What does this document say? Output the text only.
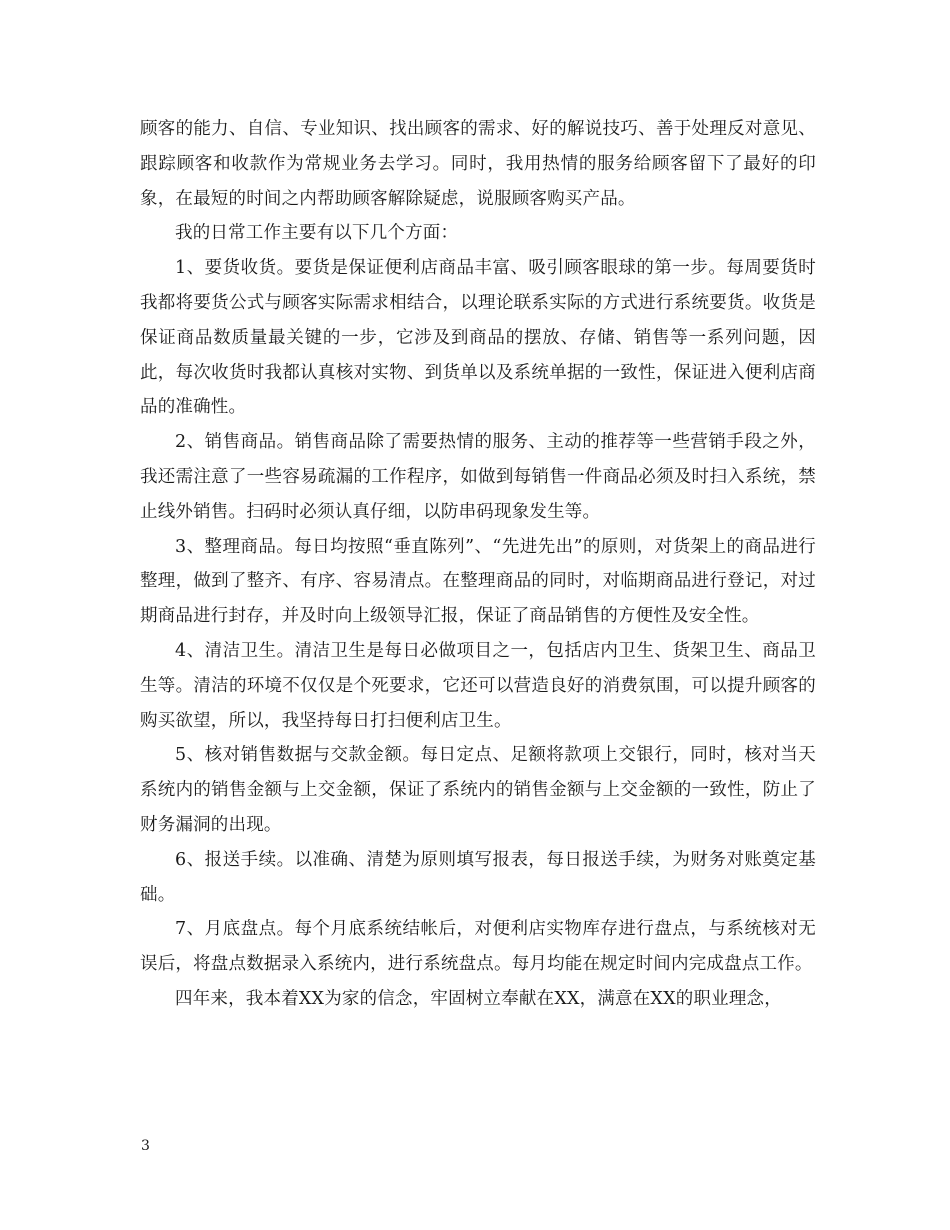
顾客的能力、自信、专业知识、找出顾客的需求、好的解说技巧、善于处理反对意见、跟踪顾客和收款作为常规业务去学习。同时，我用热情的服务给顾客留下了最好的印象，在最短的时间之内帮助顾客解除疑虑，说服顾客购买产品。

我的日常工作主要有以下几个方面：

1、要货收货。要货是保证便利店商品丰富、吸引顾客眼球的第一步。每周要货时我都将要货公式与顾客实际需求相结合，以理论联系实际的方式进行系统要货。收货是保证商品数质量最关键的一步，它涉及到商品的摆放、存储、销售等一系列问题，因此，每次收货时我都认真核对实物、到货单以及系统单据的一致性，保证进入便利店商品的准确性。

2、销售商品。销售商品除了需要热情的服务、主动的推荐等一些营销手段之外，我还需注意了一些容易疏漏的工作程序，如做到每销售一件商品必须及时扫入系统，禁止线外销售。扫码时必须认真仔细，以防串码现象发生等。

3、整理商品。每日均按照“垂直陈列”、“先进先出”的原则，对货架上的商品进行整理，做到了整齐、有序、容易清点。在整理商品的同时，对临期商品进行登记，对过期商品进行封存，并及时向上级领导汇报，保证了商品销售的方便性及安全性。

4、清洁卫生。清洁卫生是每日必做项目之一，包括店内卫生、货架卫生、商品卫生等。清洁的环境不仅仅是个死要求，它还可以营造良好的消费氛围，可以提升顾客的购买欲望，所以，我坚持每日打扫便利店卫生。

5、核对销售数据与交款金额。每日定点、足额将款项上交银行，同时，核对当天系统内的销售金额与上交金额，保证了系统内的销售金额与上交金额的一致性，防止了财务漏洞的出现。

6、报送手续。以准确、清楚为原则填写报表，每日报送手续，为财务对账奠定基础。

7、月底盘点。每个月底系统结帐后，对便利店实物库存进行盘点，与系统核对无误后，将盘点数据录入系统内，进行系统盘点。每月均能在规定时间内完成盘点工作。

四年来，我本着XX为家的信念，牢固树立奉献在XX，满意在XX的职业理念，

3
